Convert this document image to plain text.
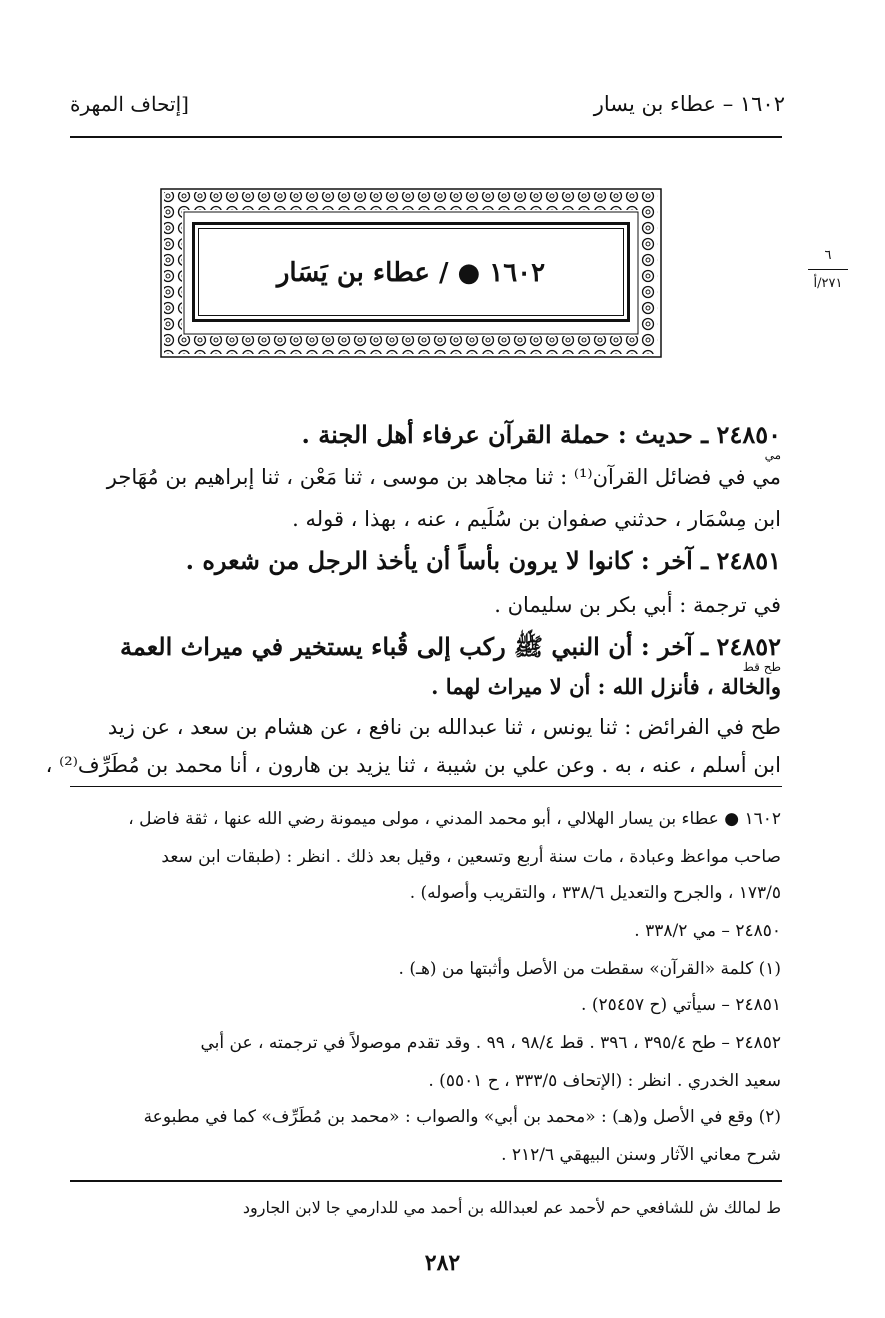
١٦٠٢ – عطاء بن يسار
[إتحاف المهرة
١٦٠٢ ● / عطاء بن يَسَار
٦
٢٧١/أ
٢٤٨٥٠ ـ حديث : حملة القرآن عرفاء أهل الجنة .
مي
مي في فضائل القرآن⁽¹⁾ : ثنا مجاهد بن موسى ، ثنا مَعْن ، ثنا إبراهيم بن مُهَاجر
ابن مِسْمَار ، حدثني صفوان بن سُلَيم ، عنه ، بهذا ، قوله .
٢٤٨٥١ ـ آخر : كانوا لا يرون بأساً أن يأخذ الرجل من شعره .
في ترجمة : أبي بكر بن سليمان .
٢٤٨٥٢ ـ آخر : أن النبي ﷺ ركب إلى قُباء يستخير في ميراث العمة
طح قط
والخالة ، فأنزل الله : أن لا ميراث لهما .
طح في الفرائض : ثنا يونس ، ثنا عبدالله بن نافع ، عن هشام بن سعد ، عن زيد
ابن أسلم ، عنه ، به . وعن علي بن شيبة ، ثنا يزيد بن هارون ، أنا محمد بن مُطَرِّف⁽²⁾ ،
١٦٠٢ ● عطاء بن يسار الهلالي ، أبو محمد المدني ، مولى ميمونة رضي الله عنها ، ثقة فاضل ،
صاحب مواعظ وعبادة ، مات سنة أربع وتسعين ، وقيل بعد ذلك . انظر : (طبقات ابن سعد
١٧٣/٥ ، والجرح والتعديل ٣٣٨/٦ ، والتقريب وأصوله) .
٢٤٨٥٠ – مي ٣٣٨/٢ .
(١) كلمة «القرآن» سقطت من الأصل وأثبتها من (هـ) .
٢٤٨٥١ – سيأتي (ح ٢٥٤٥٧) .
٢٤٨٥٢ – طح ٣٩٥/٤ ، ٣٩٦ . قط ٩٨/٤ ، ٩٩ . وقد تقدم موصولاً في ترجمته ، عن أبي
سعيد الخدري . انظر : (الإتحاف ٣٣٣/٥ ، ح ٥٥٠١) .
(٢) وقع في الأصل و(هـ) : «محمد بن أبي» والصواب : «محمد بن مُطَرِّف» كما في مطبوعة
شرح معاني الآثار وسنن البيهقي ٢١٢/٦ .
ط لمالك ش للشافعي حم لأحمد عم لعبدالله بن أحمد مي للدارمي جا لابن الجارود
٢٨٢
